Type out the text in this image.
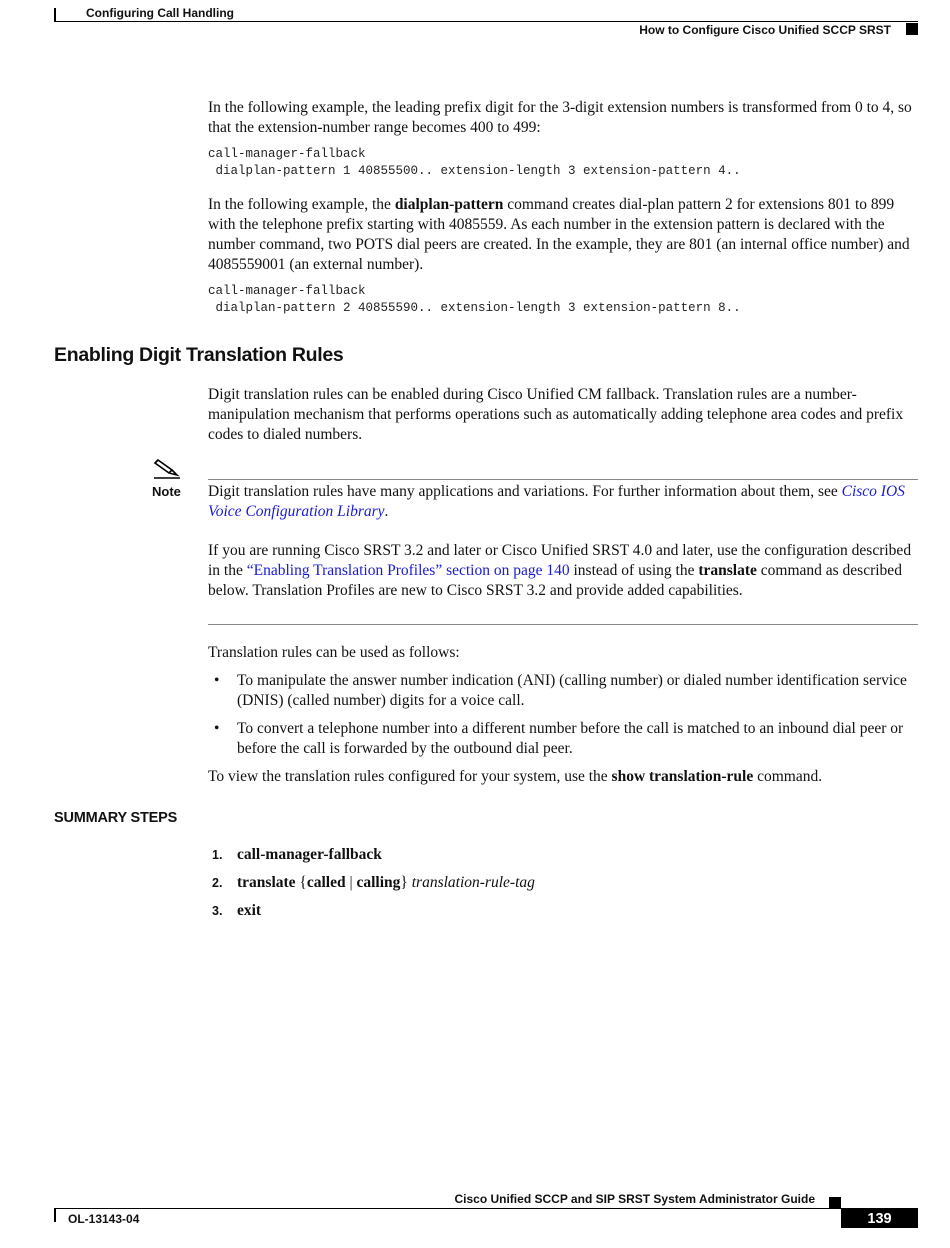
Configuring Call Handling
How to Configure Cisco Unified SCCP SRST

In the following example, the leading prefix digit for the 3-digit extension numbers is transformed from 0 to 4, so that the extension-number range becomes 400 to 499:

call-manager-fallback
dialplan-pattern 1 40855500.. extension-length 3 extension-pattern 4..

In the following example, the dialplan-pattern command creates dial-plan pattern 2 for extensions 801 to 899 with the telephone prefix starting with 4085559. As each number in the extension pattern is declared with the number command, two POTS dial peers are created. In the example, they are 801 (an internal office number) and 4085559001 (an external number).

call-manager-fallback
dialplan-pattern 2 40855590.. extension-length 3 extension-pattern 8..
Enabling Digit Translation Rules

Digit translation rules can be enabled during Cisco Unified CM fallback. Translation rules are a number-manipulation mechanism that performs operations such as automatically adding telephone area codes and prefix codes to dialed numbers.

Note Digit translation rules have many applications and variations. For further information about them, see Cisco IOS Voice Configuration Library.

If you are running Cisco SRST 3.2 and later or Cisco Unified SRST 4.0 and later, use the configuration described in the “Enabling Translation Profiles” section on page 140 instead of using the translate command as described below. Translation Profiles are new to Cisco SRST 3.2 and provide added capabilities.

Translation rules can be used as follows:

• To manipulate the answer number indication (ANI) (calling number) or dialed number identification service (DNIS) (called number) digits for a voice call.

• To convert a telephone number into a different number before the call is matched to an inbound dial peer or before the call is forwarded by the outbound dial peer.

To view the translation rules configured for your system, use the show translation-rule command.

SUMMARY STEPS
1. call-manager-fallback
2. translate {called | calling} translation-rule-tag
3. exit
Cisco Unified SCCP and SIP SRST System Administrator Guide
OL-13143-04	139
